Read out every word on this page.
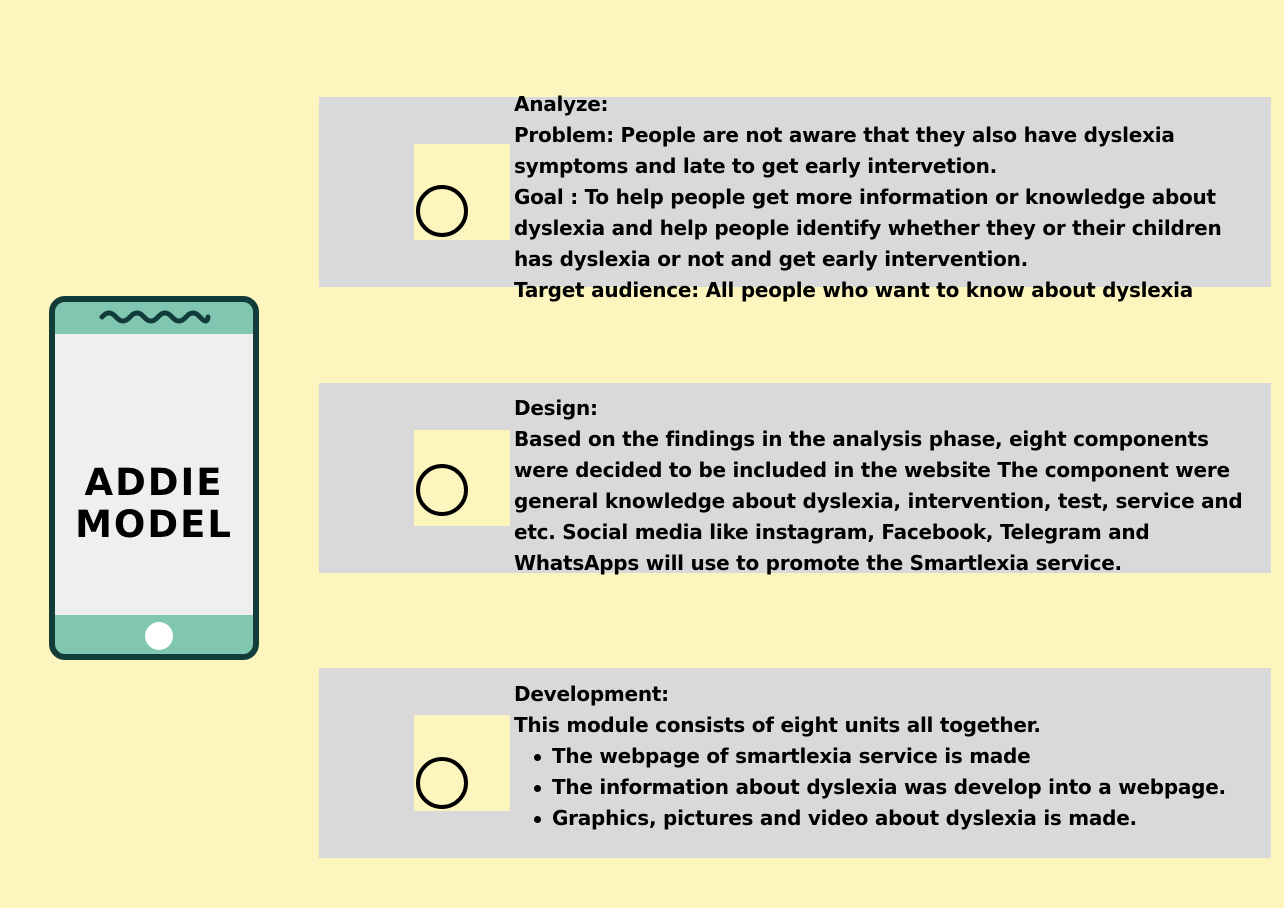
ADDIE
MODEL
Analyze:
Problem: People are not aware that they also have dyslexia
symptoms and late to get early intervetion.
Goal : To help people get more information or knowledge about
dyslexia and help people identify whether they or their children
has dyslexia or not and get early intervention.
Target audience: All people who want to know about dyslexia
Design:
Based on the findings in the analysis phase, eight components
were decided to be included in the website The component were
general knowledge about dyslexia, intervention, test, service and
etc. Social media like instagram, Facebook, Telegram and
WhatsApps will use to promote the Smartlexia service.
Development:
This module consists of eight units all together.
The webpage of smartlexia service is made
The information about dyslexia was develop into a webpage.
Graphics, pictures and video about dyslexia is made.
